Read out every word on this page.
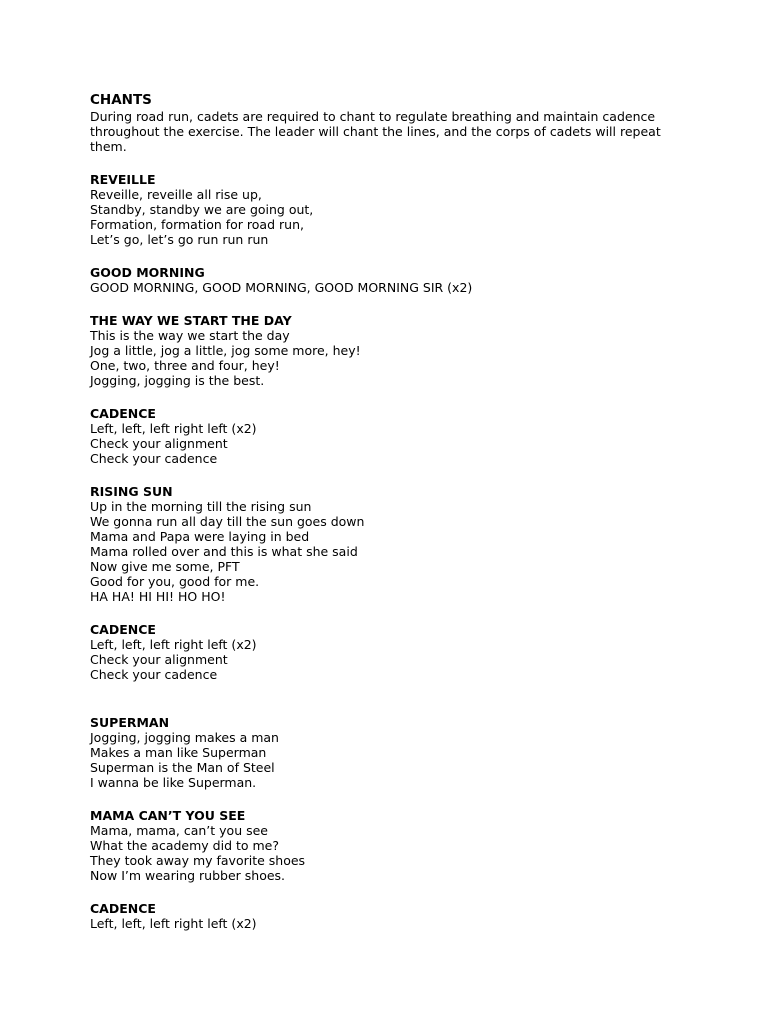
CHANTS
During road run, cadets are required to chant to regulate breathing and maintain cadence throughout the exercise. The leader will chant the lines, and the corps of cadets will repeat them.
REVEILLE
Reveille, reveille all rise up,
Standby, standby we are going out,
Formation, formation for road run,
Let’s go, let’s go run run run
GOOD MORNING
GOOD MORNING, GOOD MORNING, GOOD MORNING SIR (x2)
THE WAY WE START THE DAY
This is the way we start the day
Jog a little, jog a little, jog some more, hey!
One, two, three and four, hey!
Jogging, jogging is the best.
CADENCE
Left, left, left right left (x2)
Check your alignment
Check your cadence
RISING SUN
Up in the morning till the rising sun
We gonna run all day till the sun goes down
Mama and Papa were laying in bed
Mama rolled over and this is what she said
Now give me some, PFT
Good for you, good for me.
HA HA! HI HI! HO HO!
CADENCE
Left, left, left right left (x2)
Check your alignment
Check your cadence
SUPERMAN
Jogging, jogging makes a man
Makes a man like Superman
Superman is the Man of Steel
I wanna be like Superman.
MAMA CAN’T YOU SEE
Mama, mama, can’t you see
What the academy did to me?
They took away my favorite shoes
Now I’m wearing rubber shoes.
CADENCE
Left, left, left right left (x2)
